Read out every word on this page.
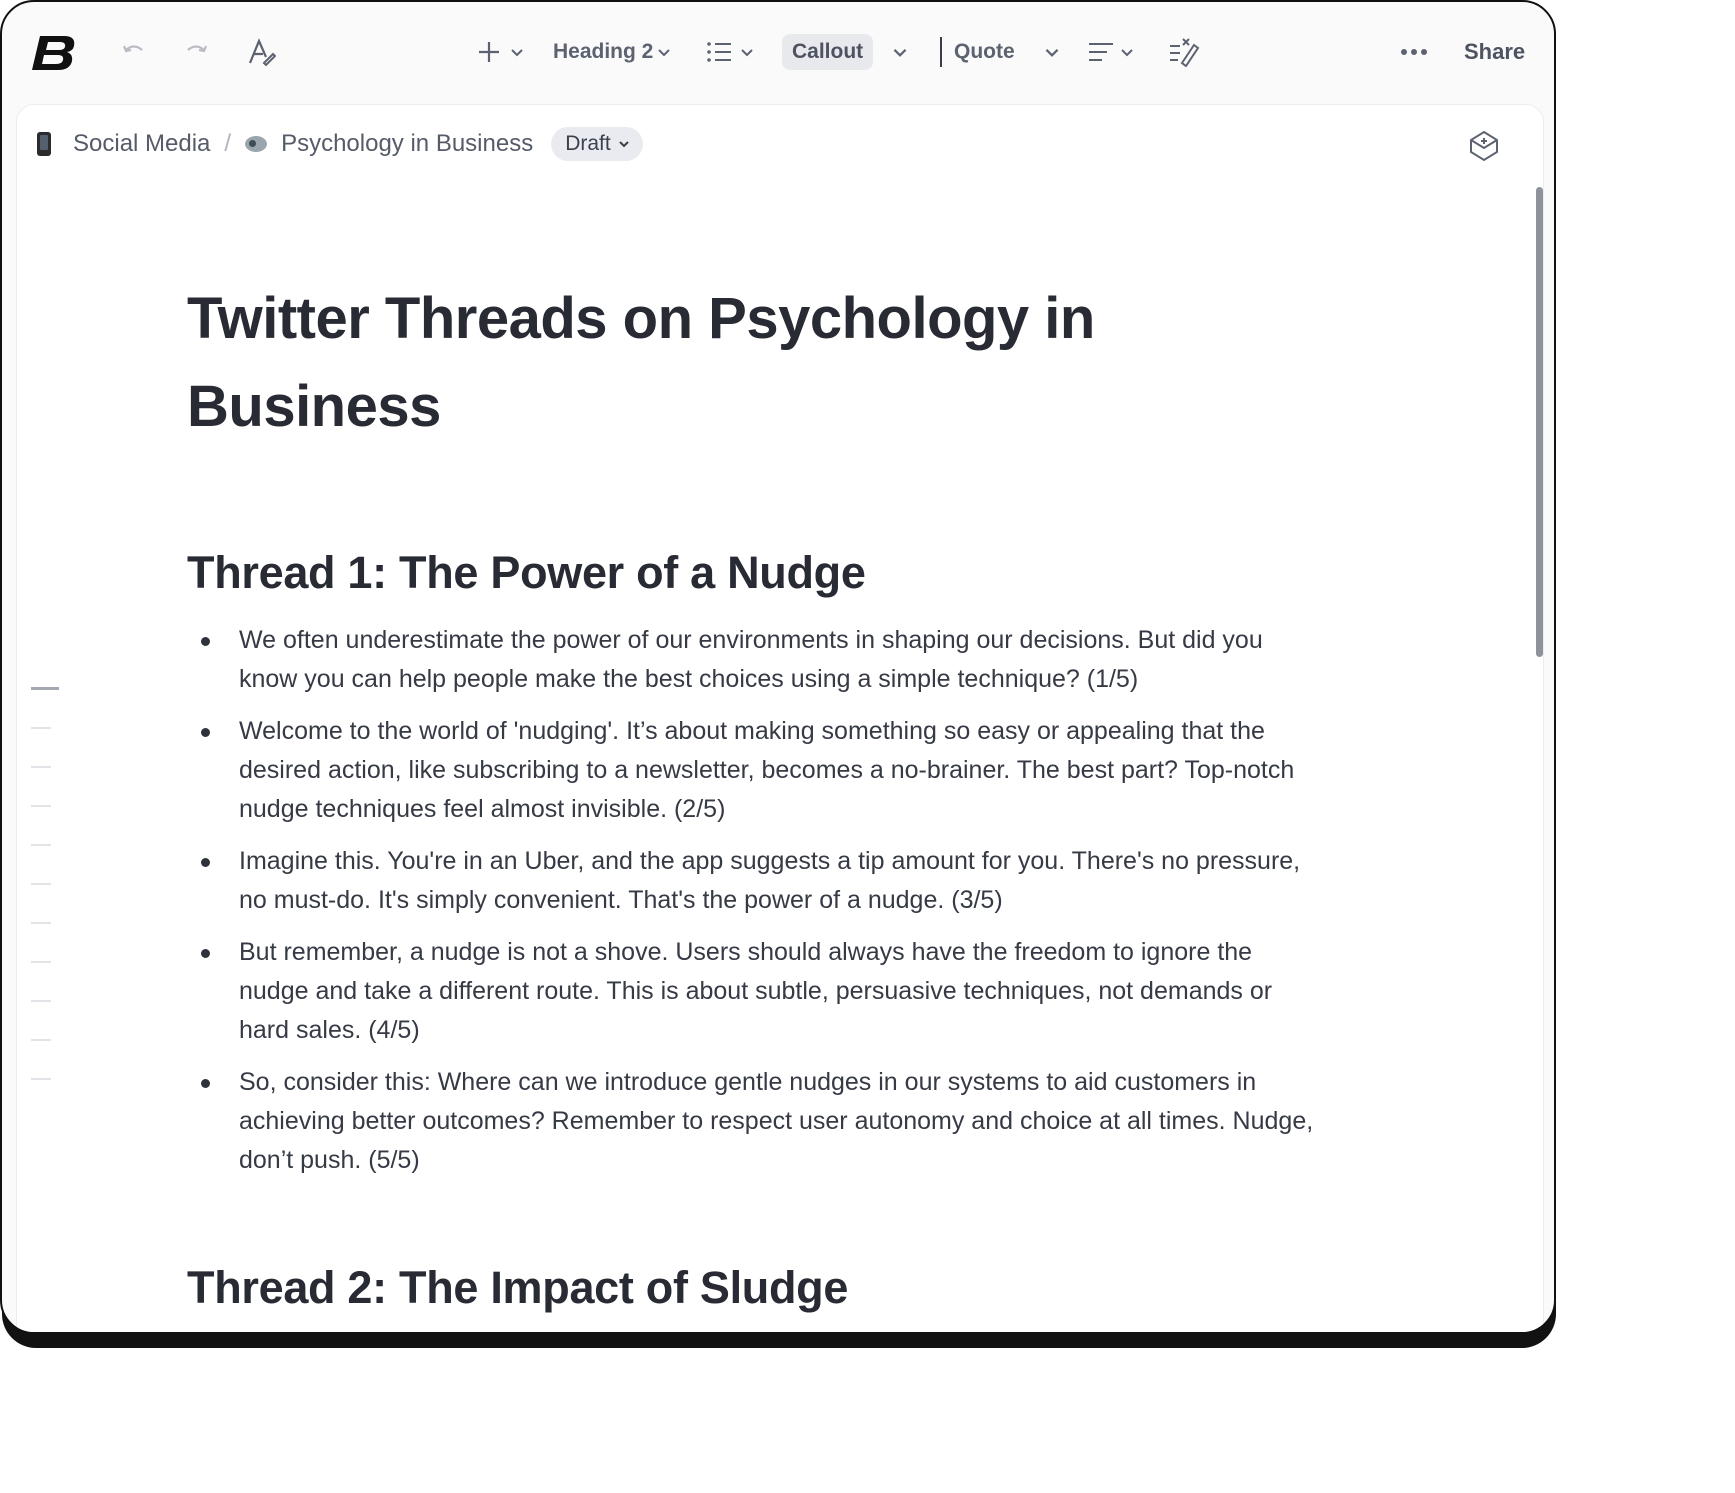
Heading 2	Callout	Quote	Share
Social Media / Psychology in Business Draft
Twitter Threads on Psychology in Business
Thread 1: The Power of a Nudge
We often underestimate the power of our environments in shaping our decisions. But did you know you can help people make the best choices using a simple technique? (1/5)
Welcome to the world of 'nudging'. It’s about making something so easy or appealing that the desired action, like subscribing to a newsletter, becomes a no-brainer. The best part? Top-notch nudge techniques feel almost invisible. (2/5)
Imagine this. You're in an Uber, and the app suggests a tip amount for you. There's no pressure, no must-do. It's simply convenient. That's the power of a nudge. (3/5)
But remember, a nudge is not a shove. Users should always have the freedom to ignore the nudge and take a different route. This is about subtle, persuasive techniques, not demands or hard sales. (4/5)
So, consider this: Where can we introduce gentle nudges in our systems to aid customers in achieving better outcomes? Remember to respect user autonomy and choice at all times. Nudge, don’t push. (5/5)
Thread 2: The Impact of Sludge
